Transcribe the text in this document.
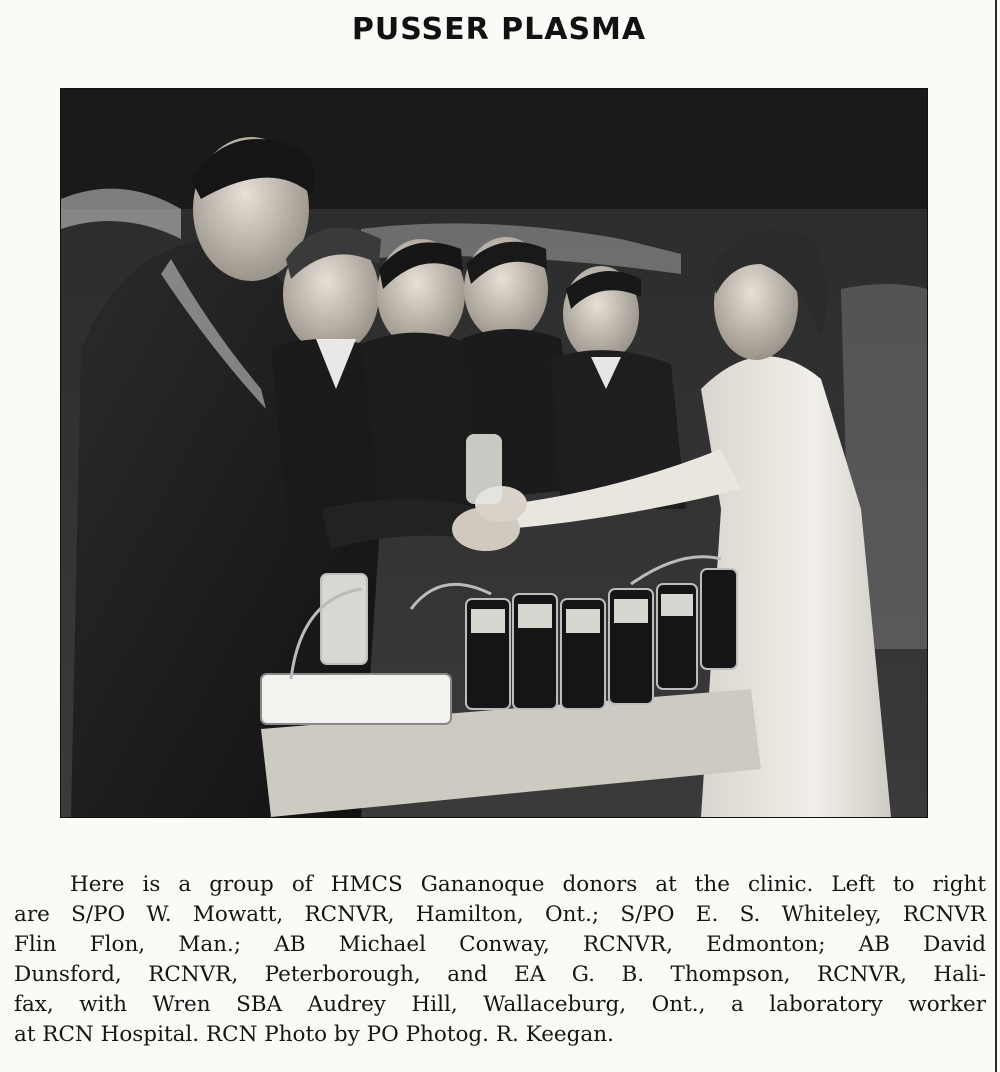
PUSSER PLASMA
Here is a group of HMCS Gananoque donors at the clinic. Left to right
are S/PO W. Mowatt, RCNVR, Hamilton, Ont.; S/PO E. S. Whiteley, RCNVR
Flin Flon, Man.; AB Michael Conway, RCNVR, Edmonton; AB David
Dunsford, RCNVR, Peterborough, and EA G. B. Thompson, RCNVR, Hali-
fax, with Wren SBA Audrey Hill, Wallaceburg, Ont., a laboratory worker
at RCN Hospital. RCN Photo by PO Photog. R. Keegan.
